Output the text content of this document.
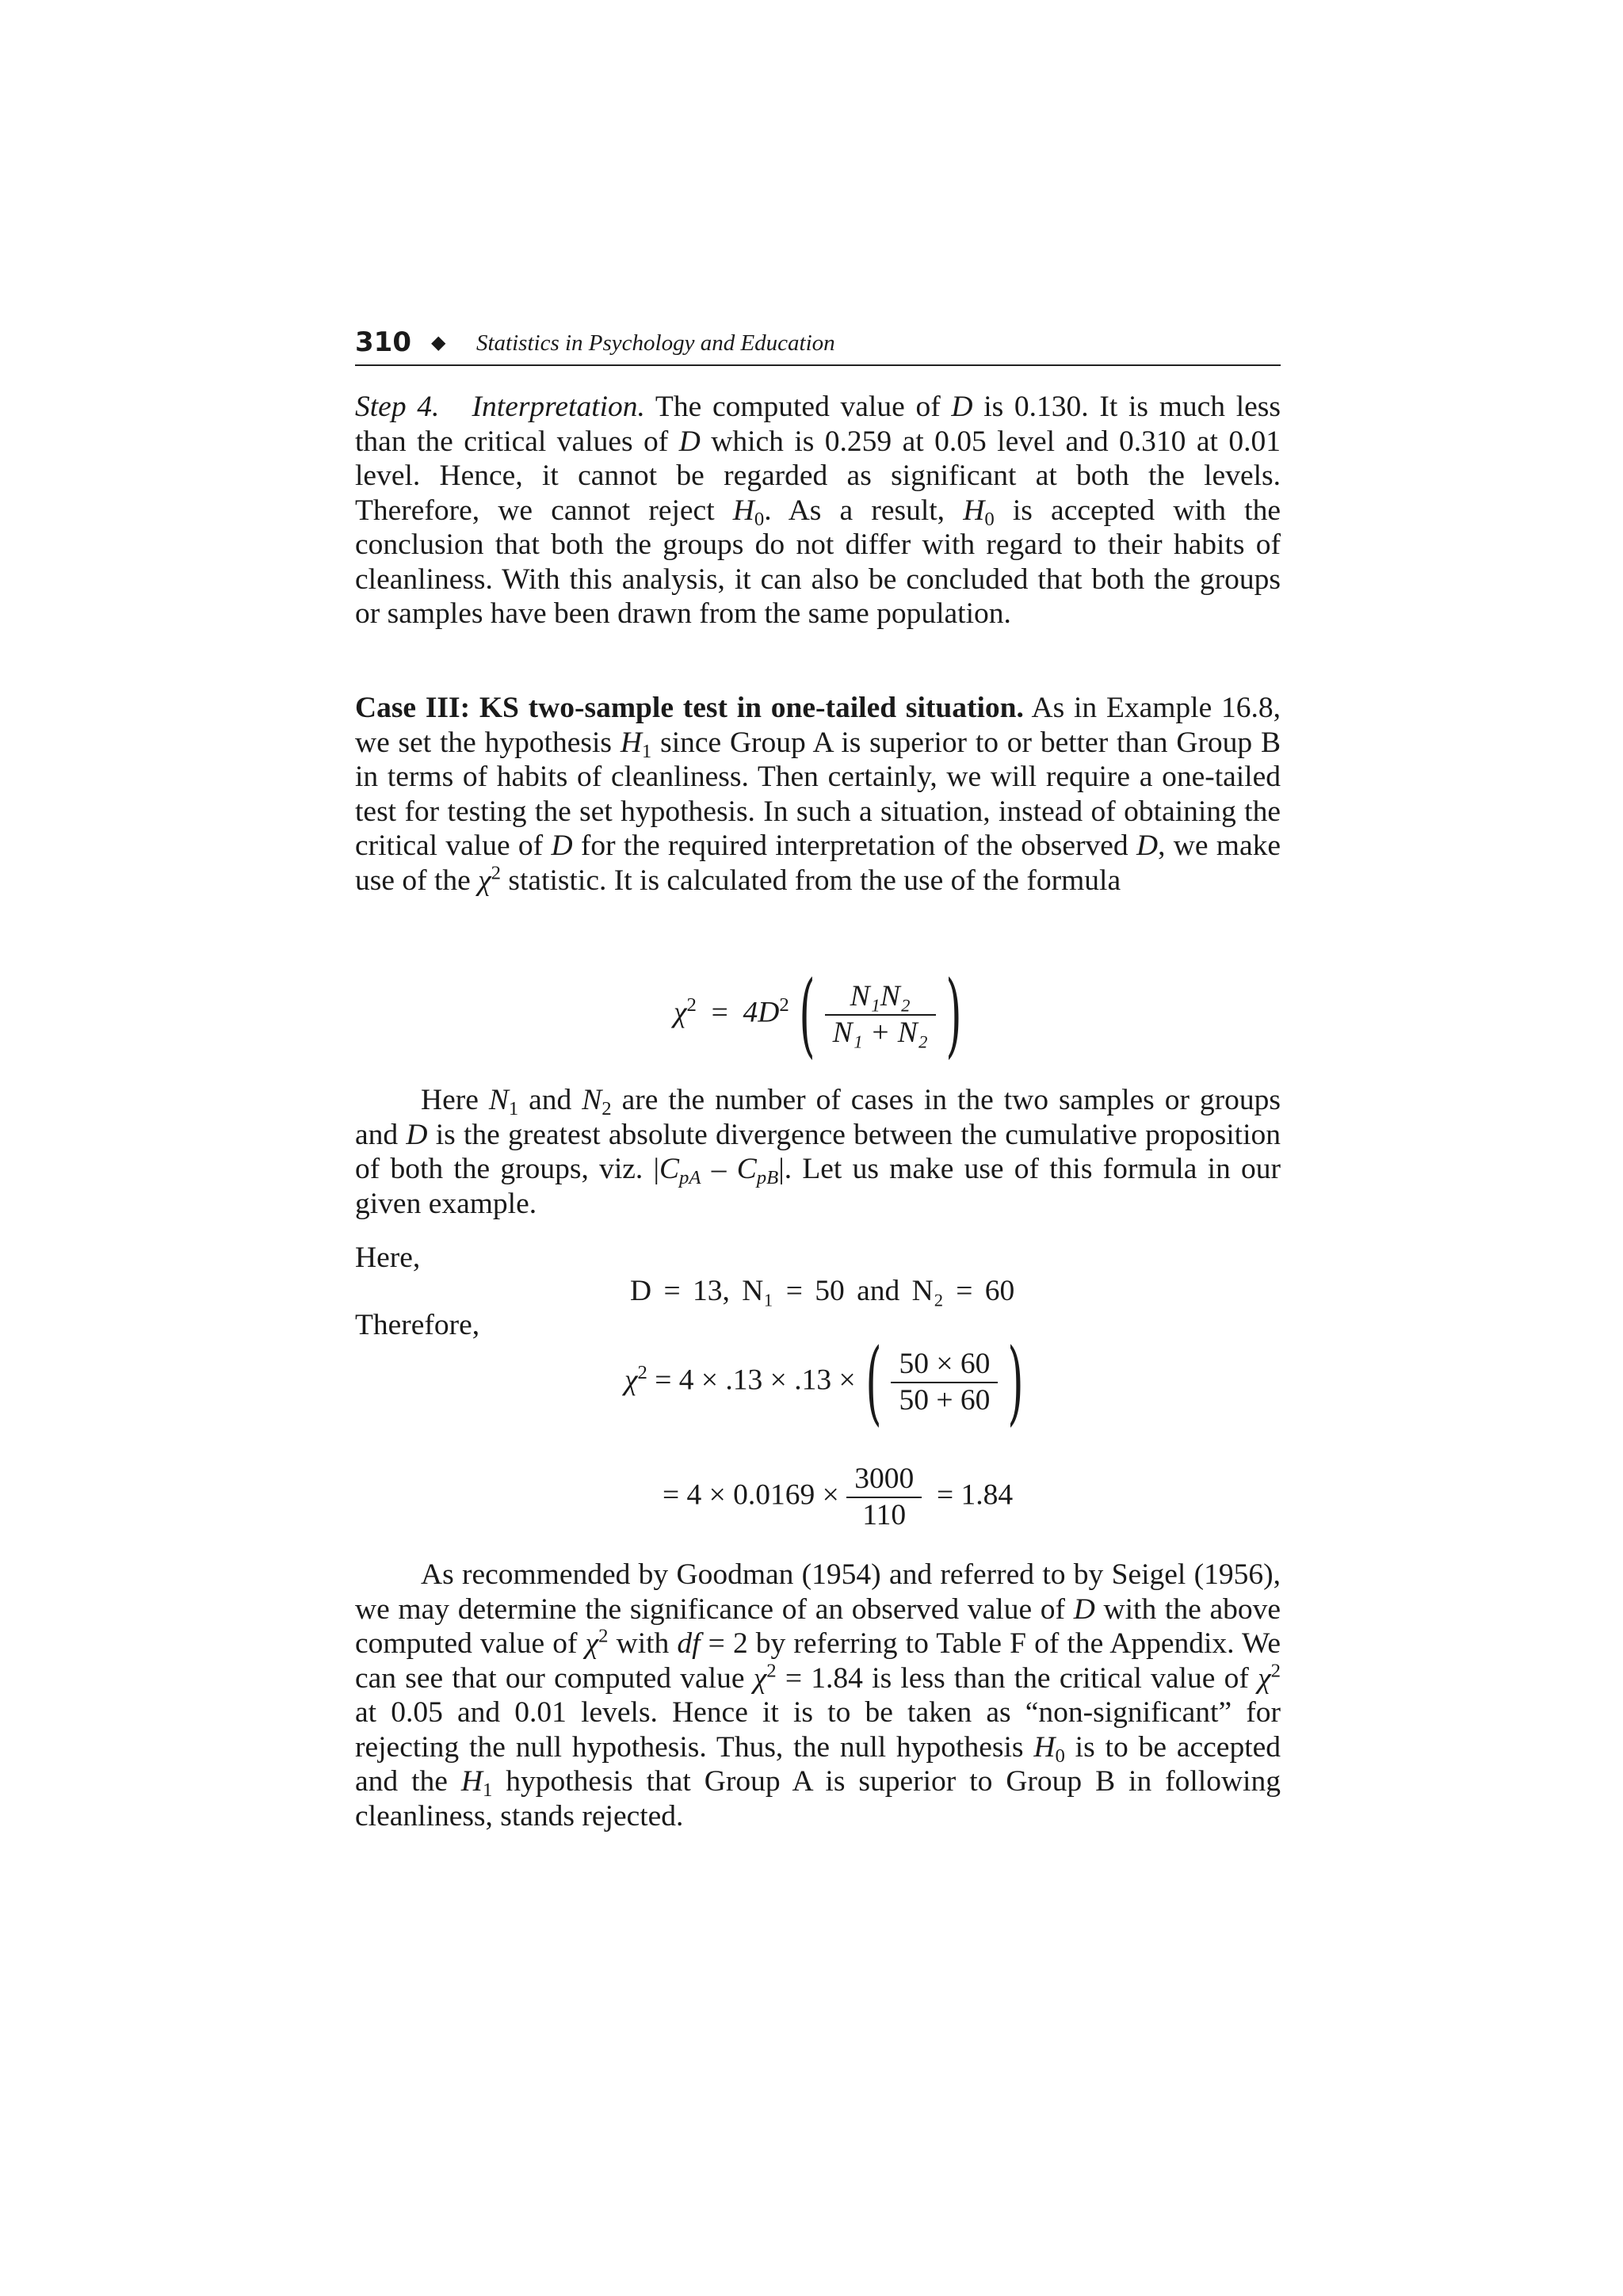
310 ◆ Statistics in Psychology and Education
Step 4. Interpretation. The computed value of D is 0.130. It is much less than the critical values of D which is 0.259 at 0.05 level and 0.310 at 0.01 level. Hence, it cannot be regarded as significant at both the levels. Therefore, we cannot reject $H_0$. As a result, $H_0$ is accepted with the conclusion that both the groups do not differ with regard to their habits of cleanliness. With this analysis, it can also be concluded that both the groups or samples have been drawn from the same population.
Case III: KS two-sample test in one-tailed situation. As in Example 16.8, we set the hypothesis $H_1$ since Group A is superior to or better than Group B in terms of habits of cleanliness. Then certainly, we will require a one-tailed test for testing the set hypothesis. In such a situation, instead of obtaining the critical value of D for the required interpretation of the observed D, we make use of the $\chi^2$ statistic. It is calculated from the use of the formula
$\chi^2 = 4D^2$ ( $\frac{\text{N₁N₂}}{\text{N₁ + N₂}}$ )
Here $N_1$ and $N_2$ are the number of cases in the two samples or groups and D is the greatest absolute divergence between the cumulative proposition of both the groups, viz. $|C_{pA} - C_{pB}|$. Let us make use of this formula in our given example.
Here,
D = 13, N₁ = 50 and N₂ = 60
Therefore,
$\chi^2 = 4 \times .13 \times .13$ × ( $\frac{50 \times 60}{50 + 60}$ )
= $4 \times 0.0169 \times \frac{3000}{110} = 1.84$
As recommended by Goodman (1954) and referred to by Seigel (1956), we may determine the significance of an observed value of D with the above computed value of $\chi^2$ with df = 2 by referring to Table F of the Appendix. We can see that our computed value $\chi^2 = 1.84$ is less than the critical value of $\chi^2$ at 0.05 and 0.01 levels. Hence it is to be taken as “non-significant” for rejecting the null hypothesis. Thus, the null hypothesis $H_0$ is to be accepted and the $H_1$ hypothesis that Group A is superior to Group B in following cleanliness, stands rejected.
